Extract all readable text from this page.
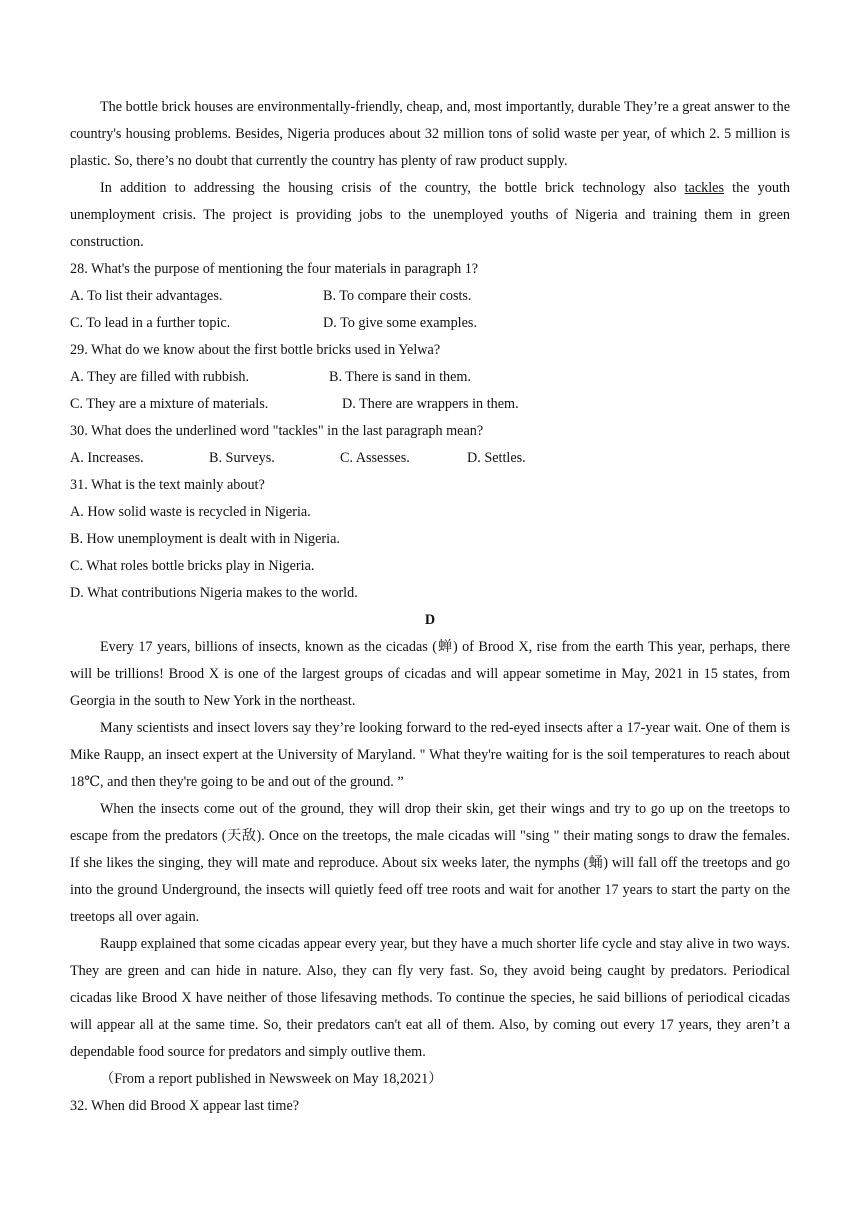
The bottle brick houses are environmentally-friendly, cheap, and, most importantly, durable They’re a great answer to the country's housing problems. Besides, Nigeria produces about 32 million tons of solid waste per year, of which 2. 5 million is plastic. So, there’s no doubt that currently the country has plenty of raw product supply.

In addition to addressing the housing crisis of the country, the bottle brick technology also tackles the youth unemployment crisis. The project is providing jobs to the unemployed youths of Nigeria and training them in green construction.

28. What's the purpose of mentioning the four materials in paragraph 1?

A. To list their advantages.	B. To compare their costs.
C. To lead in a further topic.	D. To give some examples.

29. What do we know about the first bottle bricks used in Yelwa?

A. They are filled with rubbish.	B. There is sand in them.
C. They are a mixture of materials.	D. There are wrappers in them.

30. What does the underlined word "tackles" in the last paragraph mean?

A. Increases.	B. Surveys.	C. Assesses.	D. Settles.

31. What is the text mainly about?

A. How solid waste is recycled in Nigeria.

B. How unemployment is dealt with in Nigeria.

C. What roles bottle bricks play in Nigeria.

D. What contributions Nigeria makes to the world.

D

Every 17 years, billions of insects, known as the cicadas (蝉) of Brood X, rise from the earth This year, perhaps, there will be trillions! Brood X is one of the largest groups of cicadas and will appear sometime in May, 2021 in 15 states, from Georgia in the south to New York in the northeast.

Many scientists and insect lovers say they’re looking forward to the red-eyed insects after a 17-year wait. One of them is Mike Raupp, an insect expert at the University of Maryland. " What they're waiting for is the soil temperatures to reach about 18℃, and then they're going to be and out of the ground. ”

When the insects come out of the ground, they will drop their skin, get their wings and try to go up on the treetops to escape from the predators (天敌). Once on the treetops, the male cicadas will "sing " their mating songs to draw the females. If she likes the singing, they will mate and reproduce. About six weeks later, the nymphs (蛹) will fall off the treetops and go into the ground Underground, the insects will quietly feed off tree roots and wait for another 17 years to start the party on the treetops all over again.

Raupp explained that some cicadas appear every year, but they have a much shorter life cycle and stay alive in two ways. They are green and can hide in nature. Also, they can fly very fast. So, they avoid being caught by predators. Periodical cicadas like Brood X have neither of those lifesaving methods. To continue the species, he said billions of periodical cicadas will appear all at the same time. So, their predators can't eat all of them. Also, by coming out every 17 years, they aren’t a dependable food source for predators and simply outlive them.

（From a report published in Newsweek on May 18,2021）

32. When did Brood X appear last time?
